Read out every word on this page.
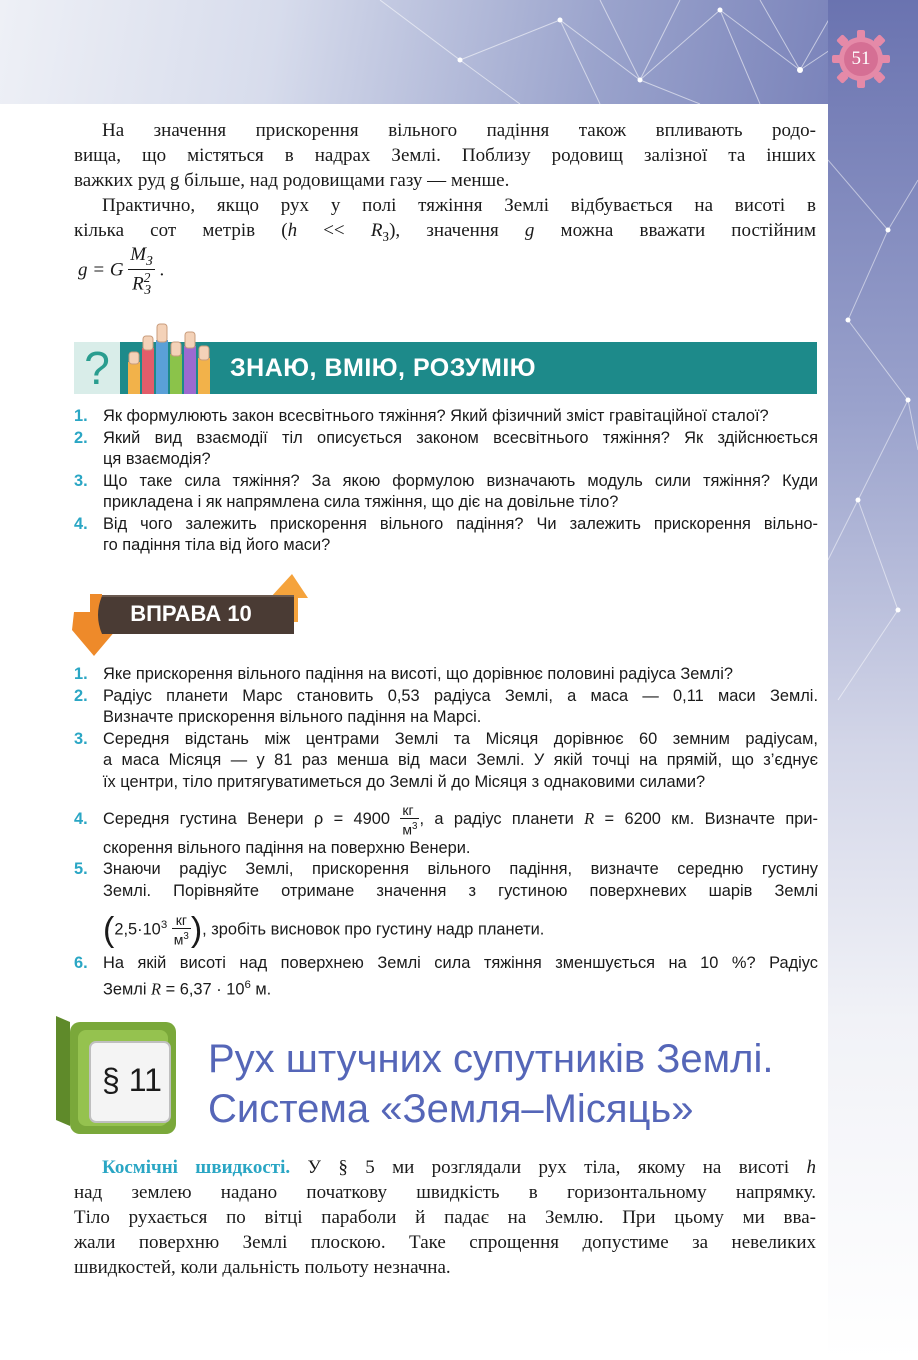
51
На значення прискорення вільного падіння також впливають родо-
вища, що містяться в надрах Землі. Поблизу родовищ залізної та інших
важких руд g більше, над родовищами газу — менше.
Практично, якщо рух у полі тяжіння Землі відбувається на висоті в
кілька сот метрів $(h << R_З)$, значення g можна вважати постійним
g = G $\frac{M_З}{R^2_З}$ .
?	ЗНАЮ, ВМІЮ, РОЗУМІЮ
1. Як формулюють закон всесвітнього тяжіння? Який фізичний зміст гравітаційної сталої?
2. Який вид взаємодії тіл описується законом всесвітнього тяжіння? Як здійснюється
ця взаємодія?
3. Що таке сила тяжіння? За якою формулою визначають модуль сили тяжіння? Куди
прикладена і як напрямлена сила тяжіння, що діє на довільне тіло?
4. Від чого залежить прискорення вільного падіння? Чи залежить прискорення вільно-
го падіння тіла від його маси?
ВПРАВА 10
1. Яке прискорення вільного падіння на висоті, що дорівнює половині радіуса Землі?
2. Радіус планети Марс становить 0,53 радіуса Землі, а маса — 0,11 маси Землі.
Визначте прискорення вільного падіння на Марсі.
3. Середня відстань між центрами Землі та Місяця дорівнює 60 земним радіусам,
а маса Місяця — у 81 раз менша від маси Землі. У якій точці на прямій, що з’єднує
їх центри, тіло притягуватиметься до Землі й до Місяця з однаковими силами?
4. Середня густина Венери $\rho = 4900 \frac{кг}{м^3}$ , а радіус планети R = 6200 км. Визначте при-
скорення вільного падіння на поверхню Венери.
5. Знаючи радіус Землі, прискорення вільного падіння, визначте середню густину
Землі. Порівняйте отримане значення з густиною поверхневих шарів Землі
($2,5\cdot 10^3 \frac{кг}{м^3}$ ), зробіть висновок про густину надр планети.
6. На якій висоті над поверхнею Землі сила тяжіння зменшується на 10 %? Радіус
Землі $R = 6,37 \cdot 10^6$ м.
§ 11 Рух штучних супутників Землі.
Система «Земля–Місяць»
Космічні швидкості. У § 5 ми розглядали рух тіла, якому на висоті h
над землею надано початкову швидкість в горизонтальному напрямку.
Тіло рухається по вітці параболи й падає на Землю. При цьому ми вва-
жали поверхню Землі плоскою. Таке спрощення допустиме за невеликих
швидкостей, коли дальність польоту незначна.
